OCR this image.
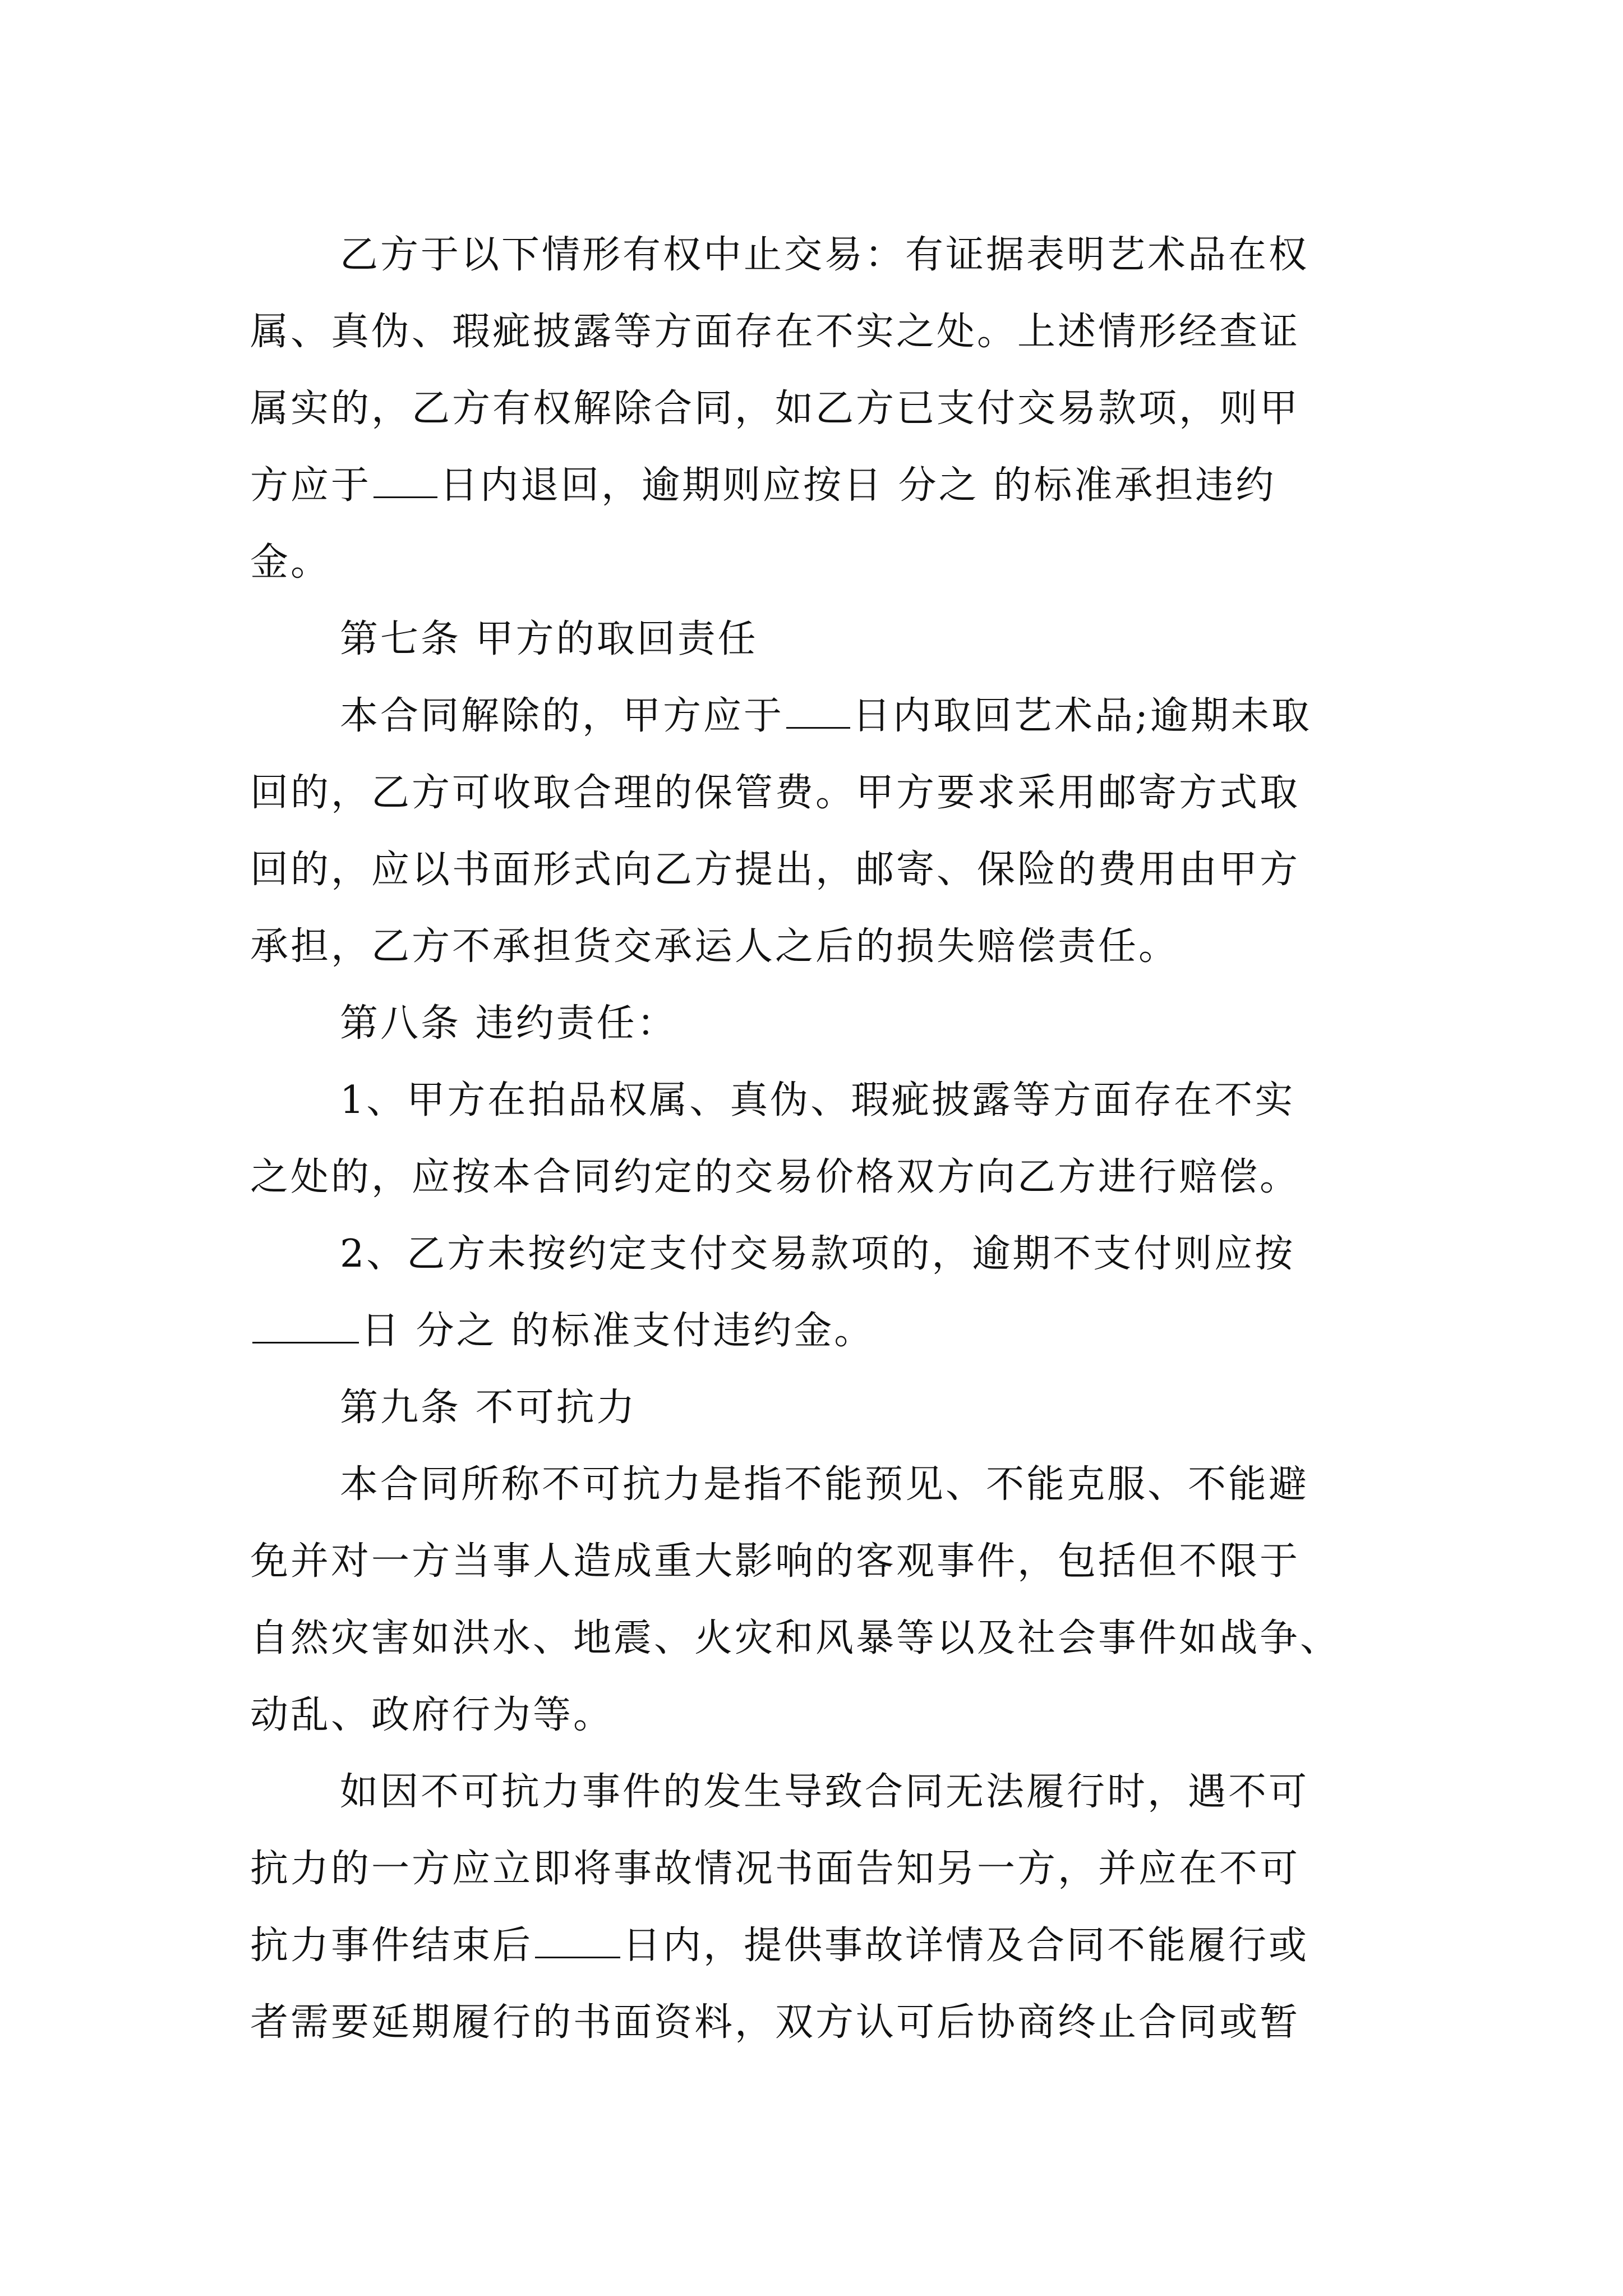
乙方于以下情形有权中止交易：有证据表明艺术品在权
属、真伪、瑕疵披露等方面存在不实之处。上述情形经查证
属实的，乙方有权解除合同，如乙方已支付交易款项，则甲
方应于 日内退回，逾期则应按日 分之 的标准承担违约
金。
第七条 甲方的取回责任
本合同解除的，甲方应于 日内取回艺术品;逾期未取
回的，乙方可收取合理的保管费。甲方要求采用邮寄方式取
回的，应以书面形式向乙方提出，邮寄、保险的费用由甲方
承担，乙方不承担货交承运人之后的损失赔偿责任。
第八条 违约责任：
1、甲方在拍品权属、真伪、瑕疵披露等方面存在不实
之处的，应按本合同约定的交易价格双方向乙方进行赔偿。
2、乙方未按约定支付交易款项的，逾期不支付则应按
日 分之 的标准支付违约金。
第九条 不可抗力
本合同所称不可抗力是指不能预见、不能克服、不能避
免并对一方当事人造成重大影响的客观事件，包括但不限于
自然灾害如洪水、地震、火灾和风暴等以及社会事件如战争、
动乱、政府行为等。
如因不可抗力事件的发生导致合同无法履行时，遇不可
抗力的一方应立即将事故情况书面告知另一方，并应在不可
抗力事件结束后 日内，提供事故详情及合同不能履行或
者需要延期履行的书面资料，双方认可后协商终止合同或暂
